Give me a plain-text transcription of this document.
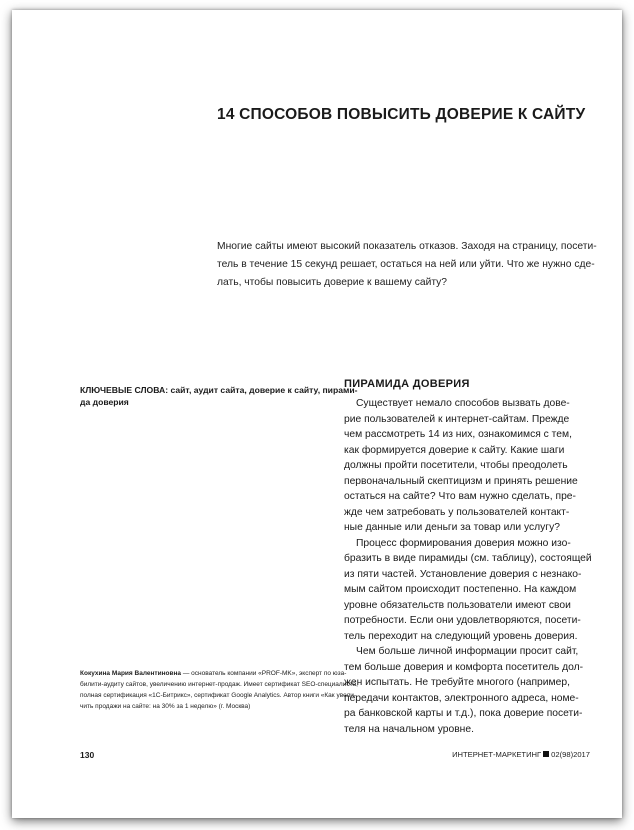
14 СПОСОБОВ ПОВЫСИТЬ ДОВЕРИЕ К САЙТУ

Многие сайты имеют высокий показатель отказов. Заходя на страницу, посети-
тель в течение 15 секунд решает, остаться на ней или уйти. Что же нужно сде-
лать, чтобы повысить доверие к вашему сайту?

КЛЮЧЕВЫЕ СЛОВА: сайт, аудит сайта, доверие к сайту, пирами-
да доверия

Кокухина Мария Валентиновна — основатель компании «PROF-MK», эксперт по юза-
билити-аудиту сайтов, увеличению интернет-продаж. Имеет сертификат SEO-специалиста,
полная сертификация «1С-Битрикс», сертификат Google Analytics. Автор книги «Как увели-
чить продажи на сайте: на 30% за 1 неделю» (г. Москва)

ПИРАМИДА ДОВЕРИЯ

Существует немало способов вызвать дове-
рие пользователей к интернет-сайтам. Прежде
чем рассмотреть 14 из них, ознакомимся с тем,
как формируется доверие к сайту. Какие шаги
должны пройти посетители, чтобы преодолеть
первоначальный скептицизм и принять решение
остаться на сайте? Что вам нужно сделать, пре-
жде чем затребовать у пользователей контакт-
ные данные или деньги за товар или услугу?
Процесс формирования доверия можно изо-
бразить в виде пирамиды (см. таблицу), состоящей
из пяти частей. Установление доверия с незнако-
мым сайтом происходит постепенно. На каждом
уровне обязательств пользователи имеют свои
потребности. Если они удовлетворяются, посети-
тель переходит на следующий уровень доверия.
Чем больше личной информации просит сайт,
тем больше доверия и комфорта посетитель дол-
жен испытать. Не требуйте многого (например,
передачи контактов, электронного адреса, номе-
ра банковской карты и т.д.), пока доверие посети-
теля на начальном уровне.

130	ИНТЕРНЕТ-МАРКЕТИНГ 02(98)2017
